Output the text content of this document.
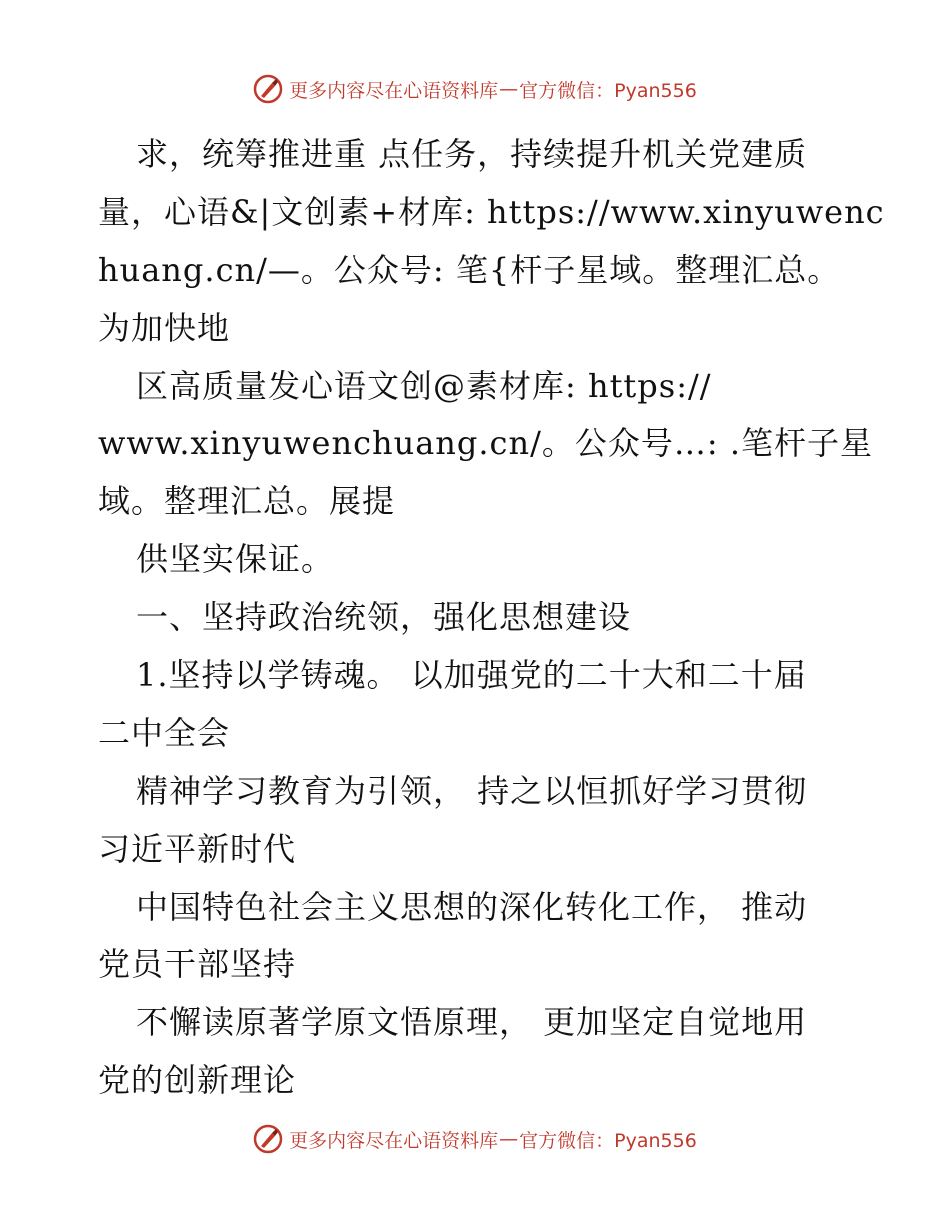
更多内容尽在心语资料库 — 官方微信：Pyan556
求，统筹推进重 点任务，持续提升机关党建质
量，心语&|文创素+材库: https://www.xinyuwenc
huang.cn/—。公众号: 笔{杆子星域。整理汇总。
为加快地
区高质量发心语文创@素材库: https://
www.xinyuwenchuang.cn/。公众号…: .笔杆子星
域。整理汇总。展提
供坚实保证。
一、坚持政治统领，强化思想建设
1.坚持以学铸魂。 以加强党的二十大和二十届
二中全会
精神学习教育为引领， 持之以恒抓好学习贯彻
习近平新时代
中国特色社会主义思想的深化转化工作， 推动
党员干部坚持
不懈读原著学原文悟原理， 更加坚定自觉地用
党的创新理论
更多内容尽在心语资料库 — 官方微信：Pyan556
